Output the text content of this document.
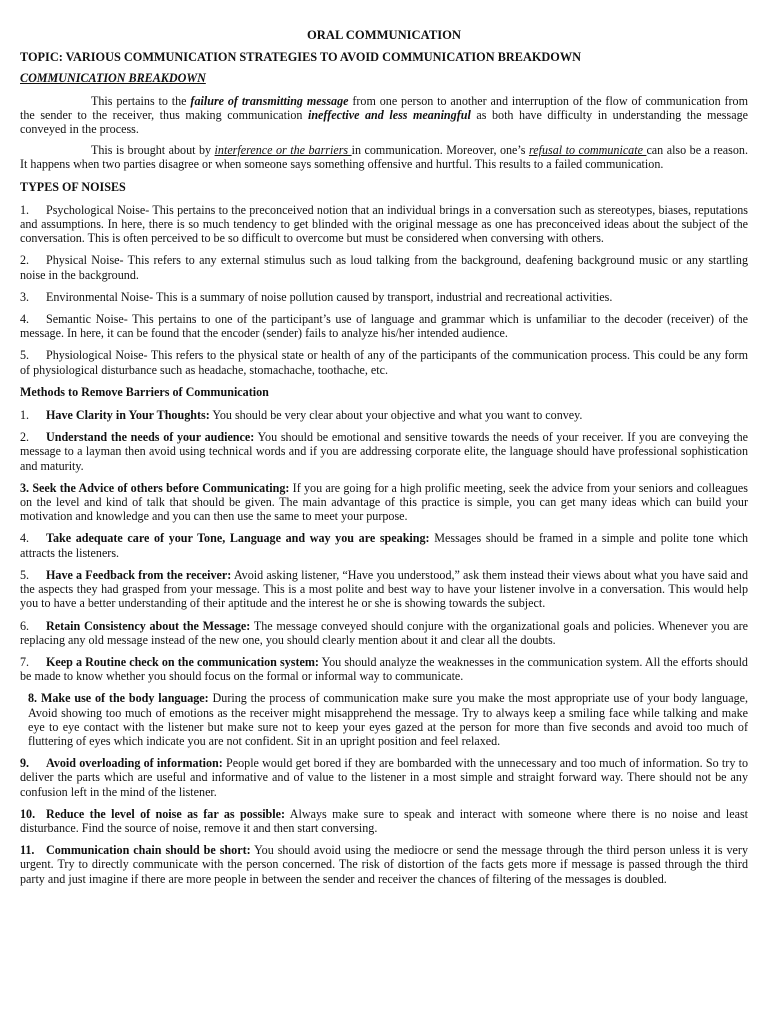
ORAL COMMUNICATION

TOPIC: VARIOUS COMMUNICATION STRATEGIES TO AVOID COMMUNICATION BREAKDOWN

COMMUNICATION BREAKDOWN

This pertains to the failure of transmitting message from one person to another and interruption of the flow of communication from the sender to the receiver, thus making communication ineffective and less meaningful as both have difficulty in understanding the message conveyed in the process.

This is brought about by interference or the barriers in communication. Moreover, one’s refusal to communicate can also be a reason. It happens when two parties disagree or when someone says something offensive and hurtful. This results to a failed communication.

TYPES OF NOISES

1. Psychological Noise- This pertains to the preconceived notion that an individual brings in a conversation such as stereotypes, biases, reputations and assumptions. In here, there is so much tendency to get blinded with the original message as one has preconceived ideas about the subject of the conversation. This is often perceived to be so difficult to overcome but must be considered when conversing with others.

2. Physical Noise- This refers to any external stimulus such as loud talking from the background, deafening background music or any startling noise in the background.

3. Environmental Noise- This is a summary of noise pollution caused by transport, industrial and recreational activities.

4. Semantic Noise- This pertains to one of the participant’s use of language and grammar which is unfamiliar to the decoder (receiver) of the message. In here, it can be found that the encoder (sender) fails to analyze his/her intended audience.

5. Physiological Noise- This refers to the physical state or health of any of the participants of the communication process. This could be any form of physiological disturbance such as headache, stomachache, toothache, etc.

Methods to Remove Barriers of Communication

1. Have Clarity in Your Thoughts: You should be very clear about your objective and what you want to convey.

2. Understand the needs of your audience: You should be emotional and sensitive towards the needs of your receiver. If you are conveying the message to a layman then avoid using technical words and if you are addressing corporate elite, the language should have professional sophistication and maturity.

3. Seek the Advice of others before Communicating: If you are going for a high prolific meeting, seek the advice from your seniors and colleagues on the level and kind of talk that should be given. The main advantage of this practice is simple, you can get many ideas which can build your motivation and knowledge and you can then use the same to meet your purpose.

4. Take adequate care of your Tone, Language and way you are speaking: Messages should be framed in a simple and polite tone which attracts the listeners.

5. Have a Feedback from the receiver: Avoid asking listener, “Have you understood,” ask them instead their views about what you have said and the aspects they had grasped from your message. This is a most polite and best way to have your listener involve in a conversation. This would help you to have a better understanding of their aptitude and the interest he or she is showing towards the subject.

6. Retain Consistency about the Message: The message conveyed should conjure with the organizational goals and policies. Whenever you are replacing any old message instead of the new one, you should clearly mention about it and clear all the doubts.

7. Keep a Routine check on the communication system: You should analyze the weaknesses in the communication system. All the efforts should be made to know whether you should focus on the formal or informal way to communicate.

8. Make use of the body language: During the process of communication make sure you make the most appropriate use of your body language, Avoid showing too much of emotions as the receiver might misapprehend the message. Try to always keep a smiling face while talking and make eye to eye contact with the listener but make sure not to keep your eyes gazed at the person for more than five seconds and avoid too much of fluttering of eyes which indicate you are not confident. Sit in an upright position and feel relaxed.

9. Avoid overloading of information: People would get bored if they are bombarded with the unnecessary and too much of information. So try to deliver the parts which are useful and informative and of value to the listener in a most simple and straight forward way. There should not be any confusion left in the mind of the listener.

10. Reduce the level of noise as far as possible: Always make sure to speak and interact with someone where there is no noise and least disturbance. Find the source of noise, remove it and then start conversing.

11. Communication chain should be short: You should avoid using the mediocre or send the message through the third person unless it is very urgent. Try to directly communicate with the person concerned. The risk of distortion of the facts gets more if message is passed through the third party and just imagine if there are more people in between the sender and receiver the chances of filtering of the messages is doubled.
